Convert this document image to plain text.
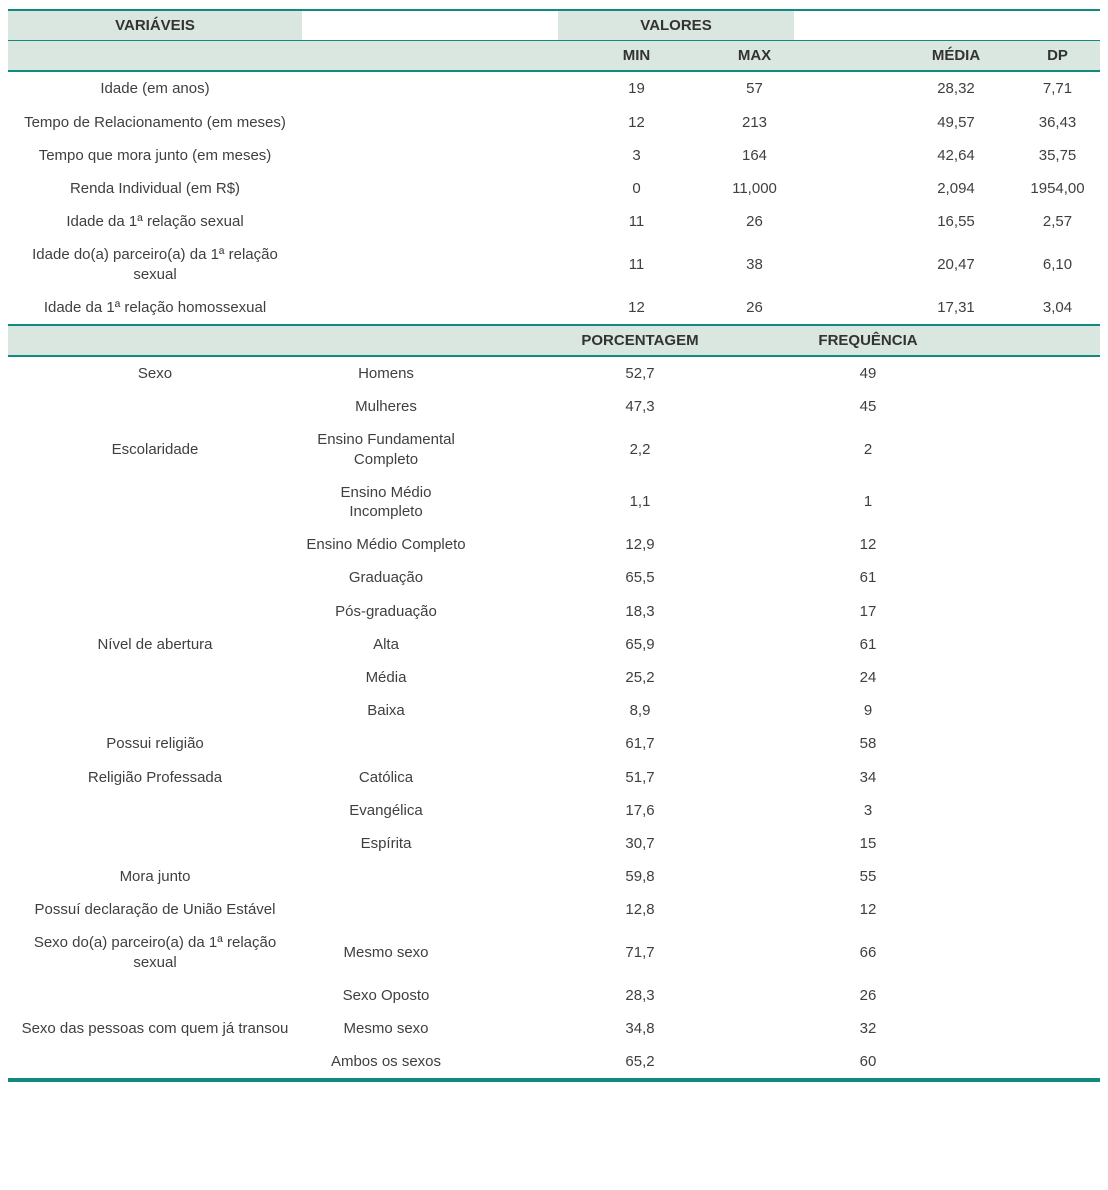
VARIÁVEIS		VALORES				
		MIN	MAX		MÉDIA	DP
Idade (em anos)		19	57		28,32	7,71
Tempo de Relacionamento (em meses)		12	213		49,57	36,43
Tempo que mora junto (em meses)		3	164		42,64	35,75
Renda Individual (em R$)		0	11,000		2,094	1954,00
Idade da 1ª relação sexual		11	26		16,55	2,57
Idade do(a) parceiro(a) da 1ª relação sexual		11	38		20,47	6,10
Idade da 1ª relação homossexual		12	26		17,31	3,04
		PORCENTAGEM	FREQUÊNCIA	
Sexo	Homens	52,7	49	
	Mulheres	47,3	45	
Escolaridade	Ensino Fundamental Completo	2,2	2	
	Ensino Médio Incompleto	1,1	1	
	Ensino Médio Completo	12,9	12	
	Graduação	65,5	61	
	Pós-graduação	18,3	17	
Nível de abertura	Alta	65,9	61	
	Média	25,2	24	
	Baixa	8,9	9	
Possui religião		61,7	58	
Religião Professada	Católica	51,7	34	
	Evangélica	17,6	3	
	Espírita	30,7	15	
Mora junto		59,8	55	
Possuí declaração de União Estável		12,8	12	
Sexo do(a) parceiro(a) da 1ª relação sexual	Mesmo sexo	71,7	66	
	Sexo Oposto	28,3	26	
Sexo das pessoas com quem já transou	Mesmo sexo	34,8	32	
	Ambos os sexos	65,2	60	
